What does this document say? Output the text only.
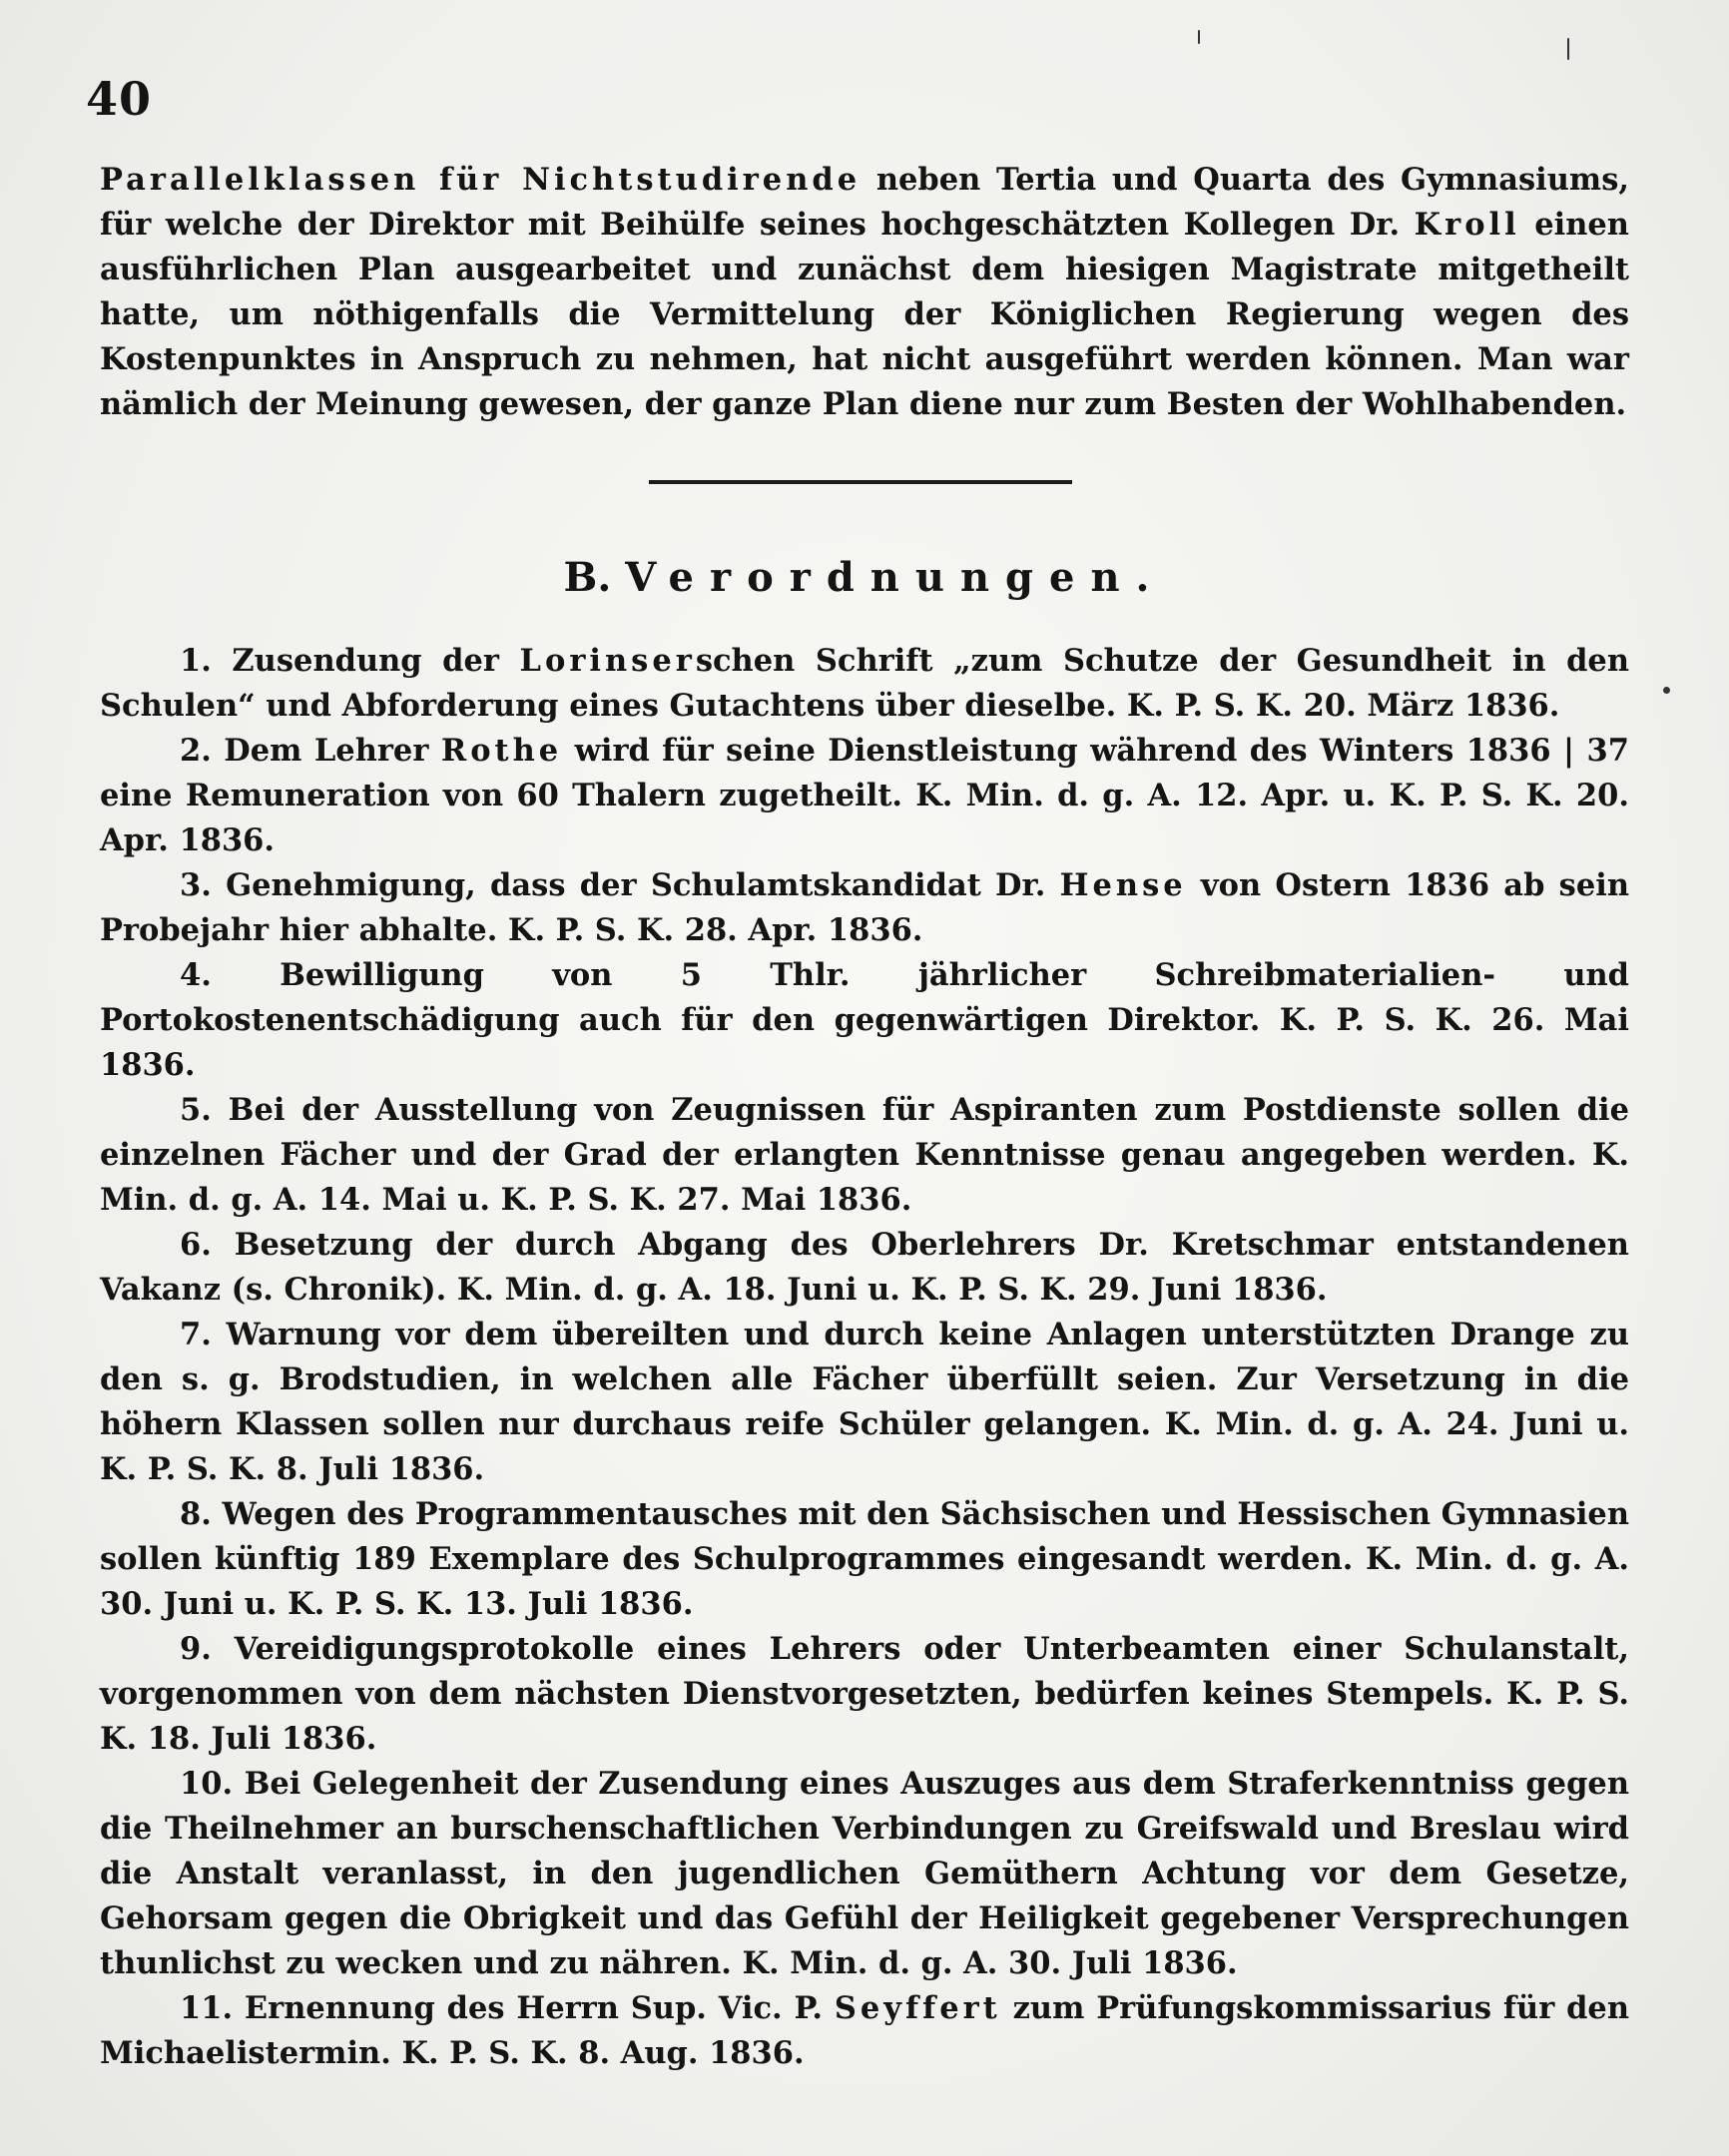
40
Parallelklassen für Nichtstudirende neben Tertia und Quarta des Gymnasiums, für welche der Direktor mit Beihülfe seines hochgeschätzten Kollegen Dr. Kroll einen ausführlichen Plan ausgearbeitet und zunächst dem hiesigen Magistrate mitgetheilt hatte, um nöthigenfalls die Vermittelung der Königlichen Regierung wegen des Kostenpunktes in Anspruch zu nehmen, hat nicht ausgeführt werden können. Man war nämlich der Meinung gewesen, der ganze Plan diene nur zum Besten der Wohlhabenden.
B. Verordnungen.
1. Zusendung der Lorinserschen Schrift „zum Schutze der Gesundheit in den Schulen“ und Abforderung eines Gutachtens über dieselbe. K. P. S. K. 20. März 1836.
2. Dem Lehrer Rothe wird für seine Dienstleistung während des Winters 1836 | 37 eine Remuneration von 60 Thalern zugetheilt. K. Min. d. g. A. 12. Apr. u. K. P. S. K. 20. Apr. 1836.
3. Genehmigung, dass der Schulamtskandidat Dr. Hense von Ostern 1836 ab sein Probejahr hier abhalte. K. P. S. K. 28. Apr. 1836.
4. Bewilligung von 5 Thlr. jährlicher Schreibmaterialien- und Portokostenentschädigung auch für den gegenwärtigen Direktor. K. P. S. K. 26. Mai 1836.
5. Bei der Ausstellung von Zeugnissen für Aspiranten zum Postdienste sollen die einzelnen Fächer und der Grad der erlangten Kenntnisse genau angegeben werden. K. Min. d. g. A. 14. Mai u. K. P. S. K. 27. Mai 1836.
6. Besetzung der durch Abgang des Oberlehrers Dr. Kretschmar entstandenen Vakanz (s. Chronik). K. Min. d. g. A. 18. Juni u. K. P. S. K. 29. Juni 1836.
7. Warnung vor dem übereilten und durch keine Anlagen unterstützten Drange zu den s. g. Brodstudien, in welchen alle Fächer überfüllt seien. Zur Versetzung in die höhern Klassen sollen nur durchaus reife Schüler gelangen. K. Min. d. g. A. 24. Juni u. K. P. S. K. 8. Juli 1836.
8. Wegen des Programmentausches mit den Sächsischen und Hessischen Gymnasien sollen künftig 189 Exemplare des Schulprogrammes eingesandt werden. K. Min. d. g. A. 30. Juni u. K. P. S. K. 13. Juli 1836.
9. Vereidigungsprotokolle eines Lehrers oder Unterbeamten einer Schulanstalt, vorgenommen von dem nächsten Dienstvorgesetzten, bedürfen keines Stempels. K. P. S. K. 18. Juli 1836.
10. Bei Gelegenheit der Zusendung eines Auszuges aus dem Straferkenntniss gegen die Theilnehmer an burschenschaftlichen Verbindungen zu Greifswald und Breslau wird die Anstalt veranlasst, in den jugendlichen Gemüthern Achtung vor dem Gesetze, Gehorsam gegen die Obrigkeit und das Gefühl der Heiligkeit gegebener Versprechungen thunlichst zu wecken und zu nähren. K. Min. d. g. A. 30. Juli 1836.
11. Ernennung des Herrn Sup. Vic. P. Seyffert zum Prüfungskommissarius für den Michaelistermin. K. P. S. K. 8. Aug. 1836.
